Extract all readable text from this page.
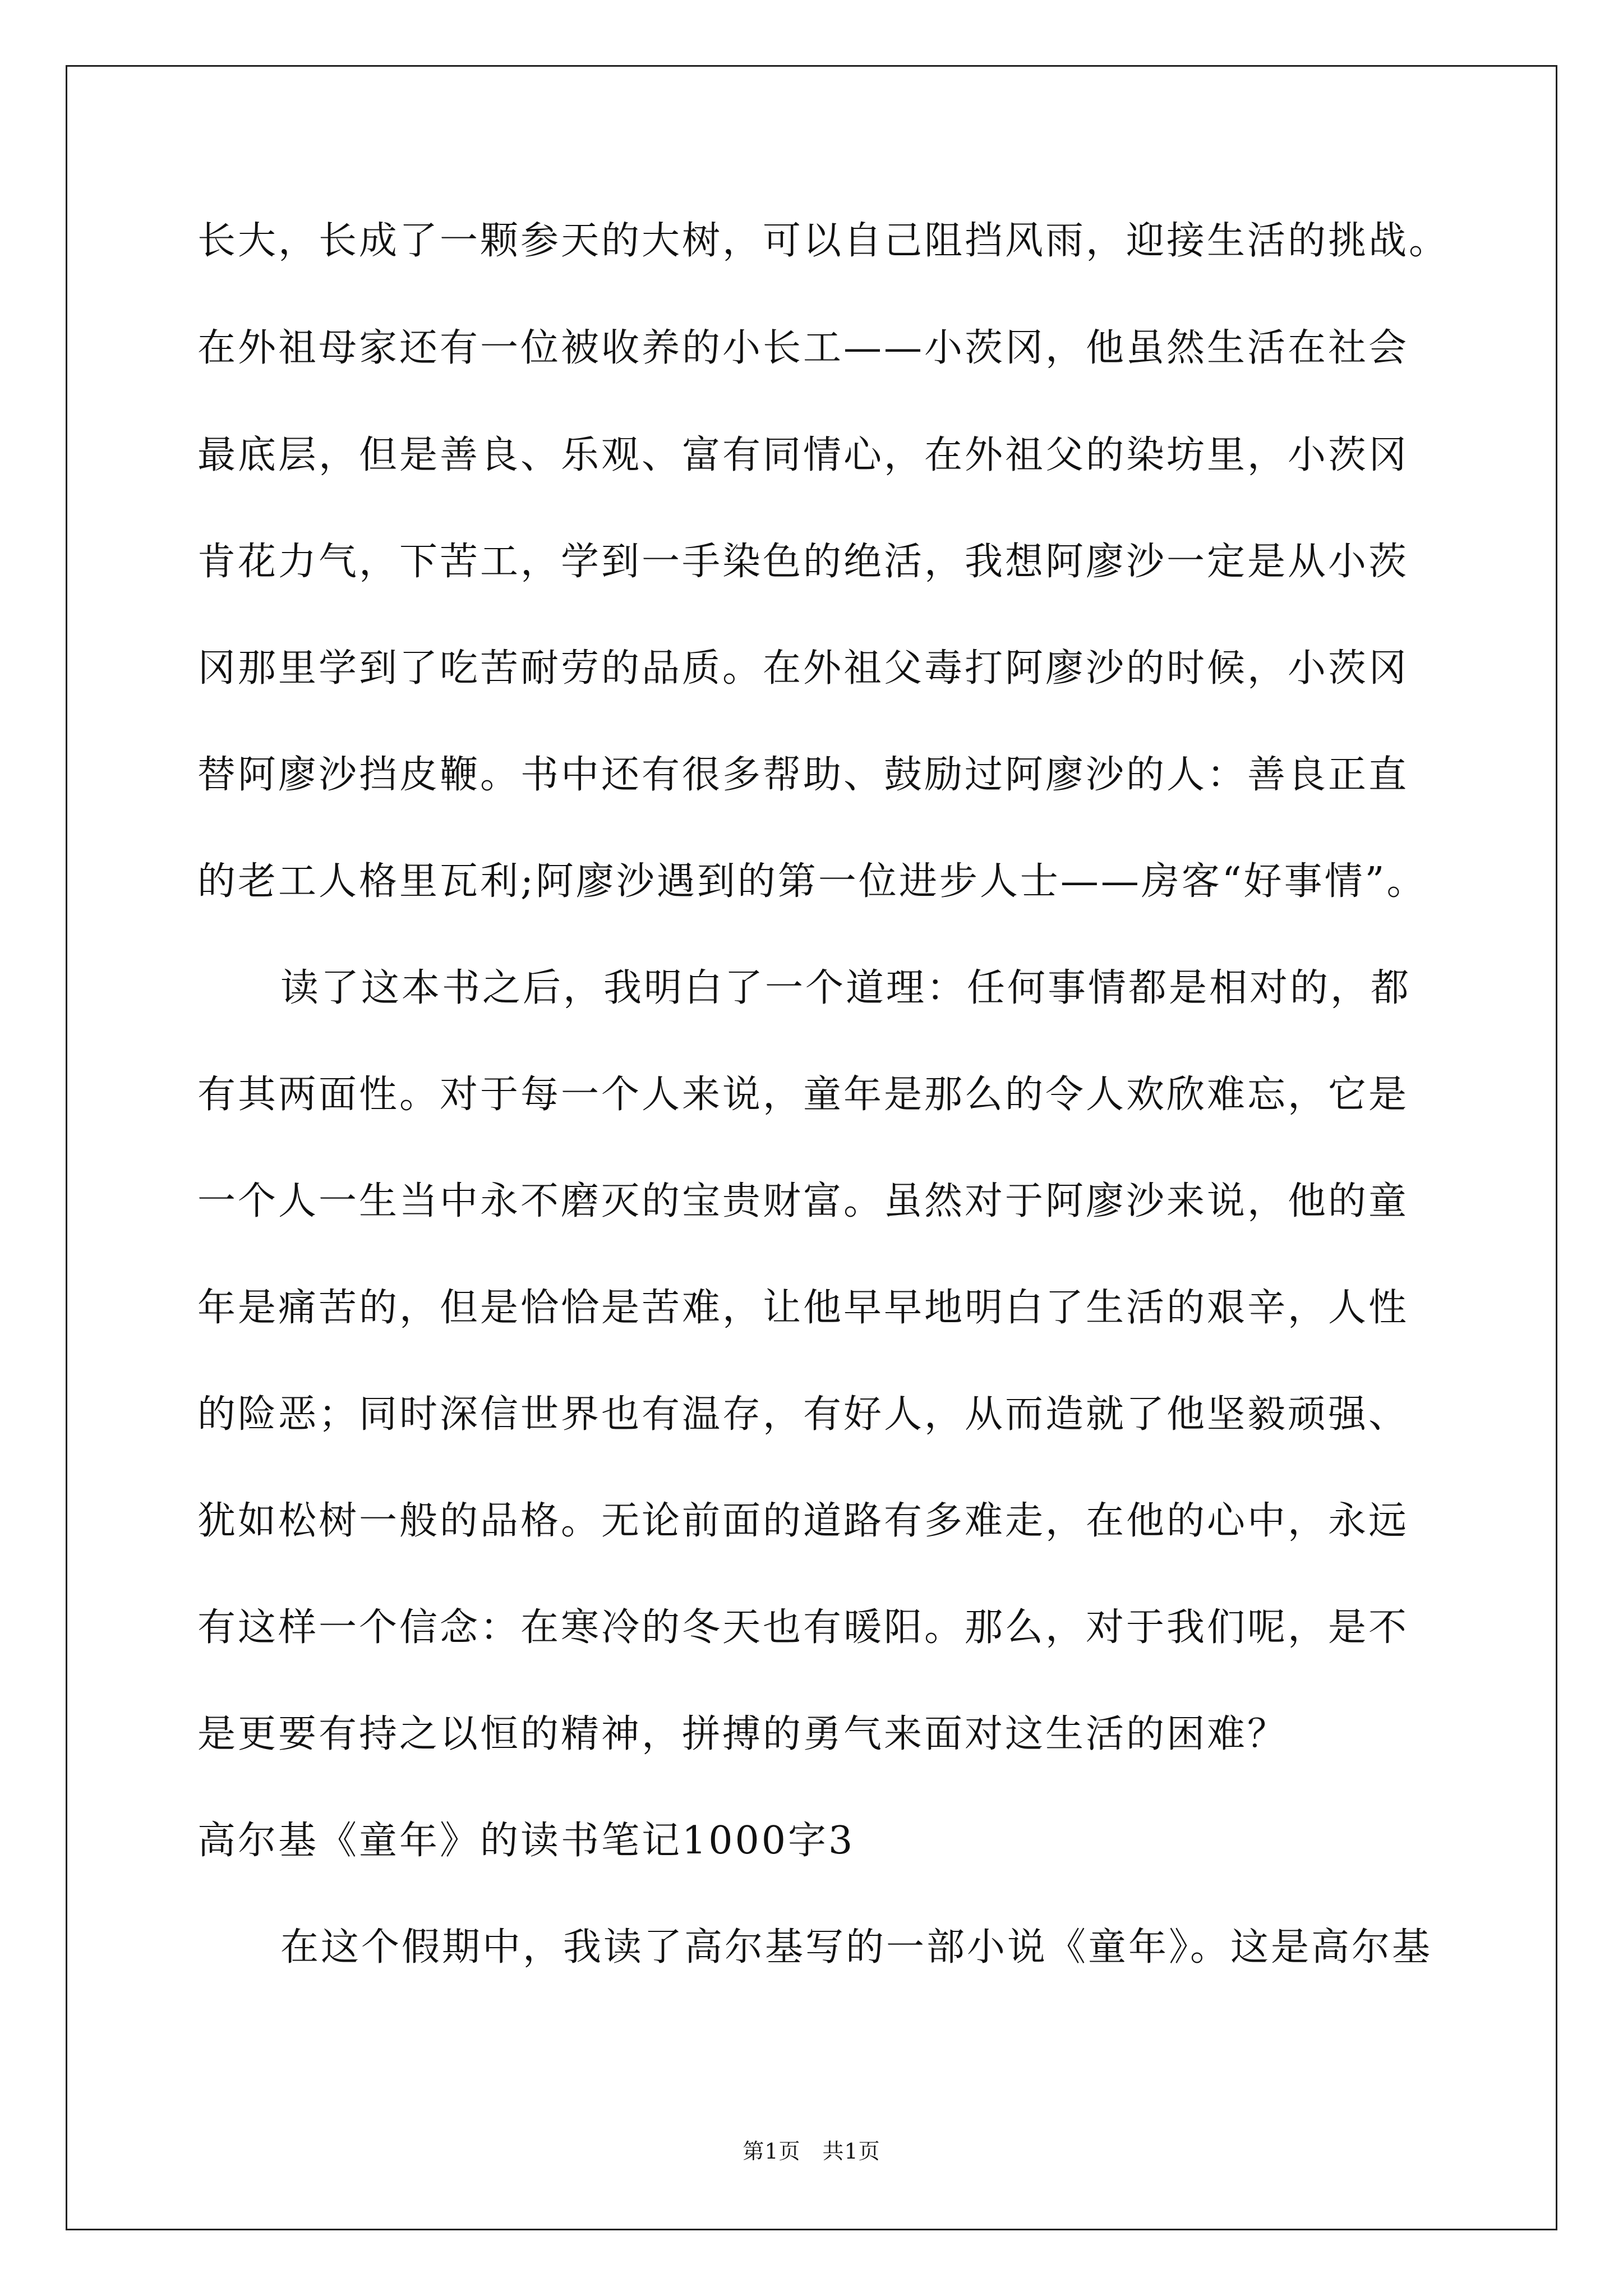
长大，长成了一颗参天的大树，可以自己阻挡风雨，迎接生活的挑战。
在外祖母家还有一位被收养的小长工——小茨冈，他虽然生活在社会
最底层，但是善良、乐观、富有同情心，在外祖父的染坊里，小茨冈
肯花力气，下苦工，学到一手染色的绝活，我想阿廖沙一定是从小茨
冈那里学到了吃苦耐劳的品质。在外祖父毒打阿廖沙的时候，小茨冈
替阿廖沙挡皮鞭。书中还有很多帮助、鼓励过阿廖沙的人：善良正直
的老工人格里瓦利;阿廖沙遇到的第一位进步人士——房客“好事情”。
读了这本书之后，我明白了一个道理：任何事情都是相对的，都
有其两面性。对于每一个人来说，童年是那么的令人欢欣难忘，它是
一个人一生当中永不磨灭的宝贵财富。虽然对于阿廖沙来说，他的童
年是痛苦的，但是恰恰是苦难，让他早早地明白了生活的艰辛，人性
的险恶；同时深信世界也有温存，有好人，从而造就了他坚毅顽强、
犹如松树一般的品格。无论前面的道路有多难走，在他的心中，永远
有这样一个信念：在寒冷的冬天也有暖阳。那么，对于我们呢，是不
是更要有持之以恒的精神，拼搏的勇气来面对这生活的困难？
高尔基《童年》的读书笔记1000字3
在这个假期中，我读了高尔基写的一部小说《童年》。这是高尔基
第1页　共1页
